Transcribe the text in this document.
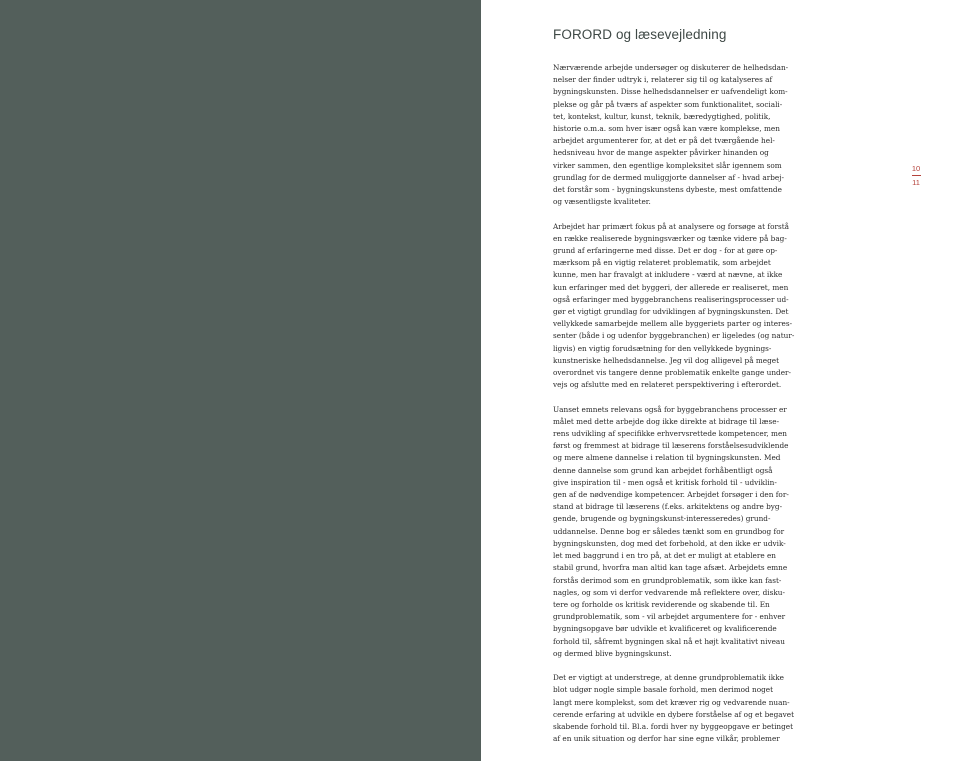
FORORD og læsevejledning

Nærværende arbejde undersøger og diskuterer de helhedsdan-
nelser der finder udtryk i, relaterer sig til og katalyseres af
bygningskunsten. Disse helhedsdannelser er uafvendeligt kom-
plekse og går på tværs af aspekter som funktionalitet, sociali-
tet, kontekst, kultur, kunst, teknik, bæredygtighed, politik,
historie o.m.a. som hver især også kan være komplekse, men
arbejdet argumenterer for, at det er på det tværgående hel-
hedsniveau hvor de mange aspekter påvirker hinanden og
virker sammen, den egentlige kompleksitet slår igennem som
grundlag for de dermed muliggjorte dannelser af - hvad arbej-
det forstår som - bygningskunstens dybeste, mest omfattende
og væsentligste kvaliteter.

Arbejdet har primært fokus på at analysere og forsøge at forstå
en række realiserede bygningsværker og tænke videre på bag-
grund af erfaringerne med disse. Det er dog - for at gøre op-
mærksom på en vigtig relateret problematik, som arbejdet
kunne, men har fravalgt at inkludere - værd at nævne, at ikke
kun erfaringer med det byggeri, der allerede er realiseret, men
også erfaringer med byggebranchens realiseringsprocesser ud-
gør et vigtigt grundlag for udviklingen af bygningskunsten. Det
vellykkede samarbejde mellem alle byggeriets parter og interes-
senter (både i og udenfor byggebranchen) er ligeledes (og natur-
ligvis) en vigtig forudsætning for den vellykkede bygnings-
kunstneriske helhedsdannelse. Jeg vil dog alligevel på meget
overordnet vis tangere denne problematik enkelte gange under-
vejs og afslutte med en relateret perspektivering i efterordet.

Uanset emnets relevans også for byggebranchens processer er
målet med dette arbejde dog ikke direkte at bidrage til læse-
rens udvikling af specifikke erhvervsrettede kompetencer, men
først og fremmest at bidrage til læserens forståelsesudviklende
og mere almene dannelse i relation til bygningskunsten. Med
denne dannelse som grund kan arbejdet forhåbentligt også
give inspiration til - men også et kritisk forhold til - udviklin-
gen af de nødvendige kompetencer. Arbejdet forsøger i den for-
stand at bidrage til læserens (f.eks. arkitektens og andre byg-
gende, brugende og bygningskunst-interesseredes) grund-
uddannelse. Denne bog er således tænkt som en grundbog for
bygningskunsten, dog med det forbehold, at den ikke er udvik-
let med baggrund i en tro på, at det er muligt at etablere en
stabil grund, hvorfra man altid kan tage afsæt. Arbejdets emne
forstås derimod som en grundproblematik, som ikke kan fast-
nagles, og som vi derfor vedvarende må reflektere over, disku-
tere og forholde os kritisk reviderende og skabende til. En
grundproblematik, som - vil arbejdet argumentere for - enhver
bygningsopgave bør udvikle et kvalificeret og kvalificerende
forhold til, såfremt bygningen skal nå et højt kvalitativt niveau
og dermed blive bygningskunst.

Det er vigtigt at understrege, at denne grundproblematik ikke
blot udgør nogle simple basale forhold, men derimod noget
langt mere komplekst, som det kræver rig og vedvarende nuan-
cerende erfaring at udvikle en dybere forståelse af og et begavet
skabende forhold til. Bl.a. fordi hver ny byggeopgave er betinget
af en unik situation og derfor har sine egne vilkår, problemer

10
11
